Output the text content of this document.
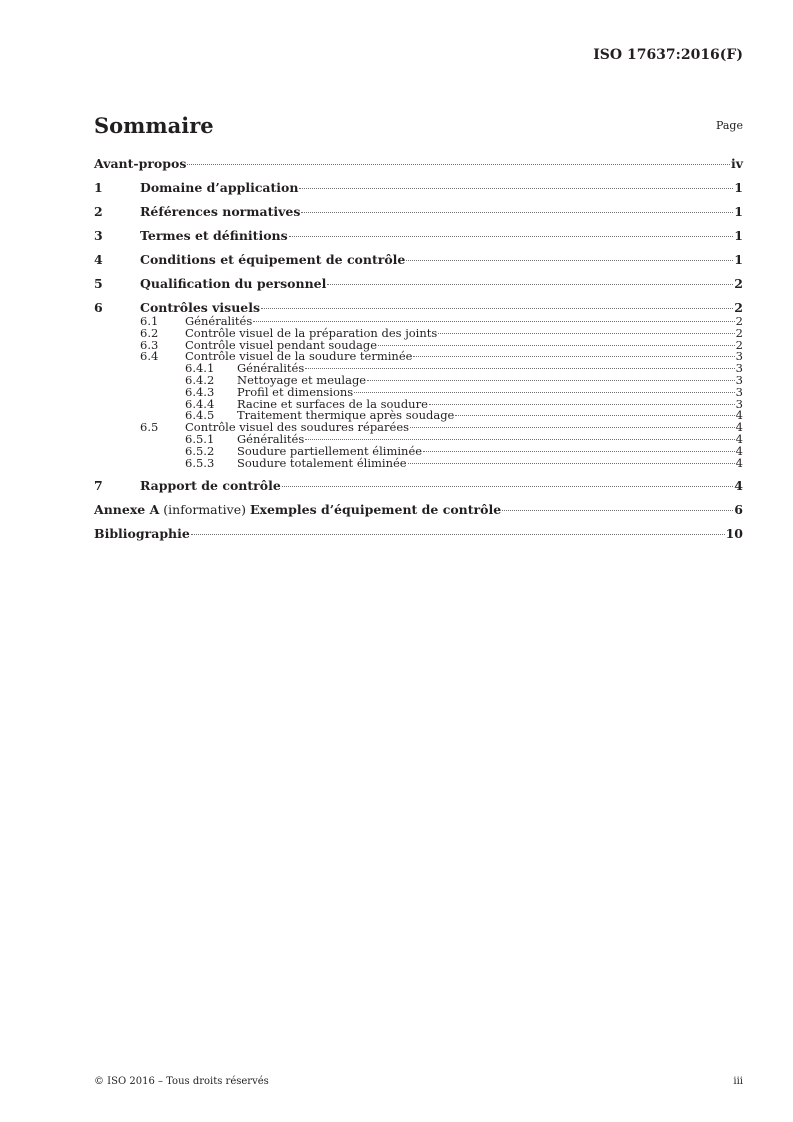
ISO 17637:2016(F)
Sommaire	Page
Avant-propos	iv
1	Domaine d’application	1
2	Références normatives	1
3	Termes et définitions	1
4	Conditions et équipement de contrôle	1
5	Qualification du personnel	2
6	Contrôles visuels	2
6.1	Généralités	2
6.2	Contrôle visuel de la préparation des joints	2
6.3	Contrôle visuel pendant soudage	2
6.4	Contrôle visuel de la soudure terminée	3
6.4.1	Généralités	3
6.4.2	Nettoyage et meulage	3
6.4.3	Profil et dimensions	3
6.4.4	Racine et surfaces de la soudure	3
6.4.5	Traitement thermique après soudage	4
6.5	Contrôle visuel des soudures réparées	4
6.5.1	Généralités	4
6.5.2	Soudure partiellement éliminée	4
6.5.3	Soudure totalement éliminée	4
7	Rapport de contrôle	4
Annexe A (informative) Exemples d’équipement de contrôle	6
Bibliographie	10
© ISO 2016 – Tous droits réservés	iii
